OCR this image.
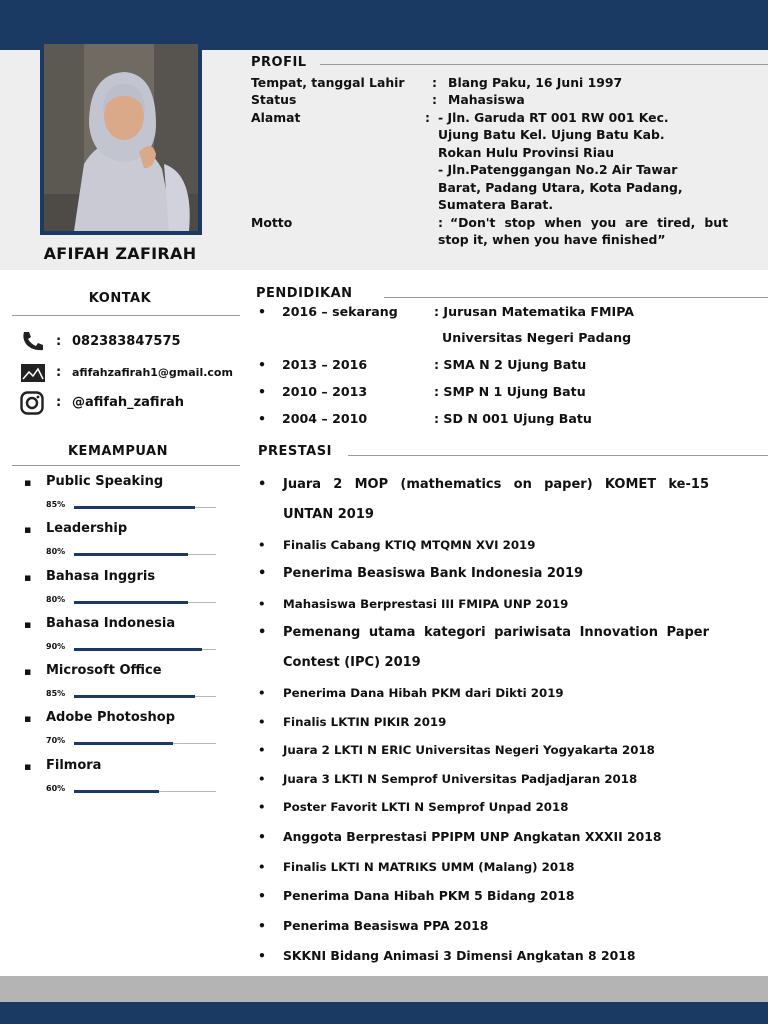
AFIFAH ZAFIRAH
PROFIL
Tempat, tanggal Lahir	: Blang Paku, 16 Juni 1997
Status	: Mahasiswa
Alamat	: - Jln. Garuda RT 001 RW 001 Kec.
Ujung Batu Kel. Ujung Batu Kab.
Rokan Hulu Provinsi Riau
- Jln.Patenggangan No.2 Air Tawar
Barat, Padang Utara, Kota Padang,
Sumatera Barat.
Motto	: “Don't stop when you are tired, but
stop it, when you have finished”
KONTAK
: 082383847575
: afifahzafirah1@gmail.com
: @afifah_zafirah
KEMAMPUAN
▪ Public Speaking
85%
▪ Leadership
80%
▪ Bahasa Inggris
80%
▪ Bahasa Indonesia
90%
▪ Microsoft Office
85%
▪ Adobe Photoshop
70%
▪ Filmora
60%
PENDIDIKAN
• 2016 – sekarang	: Jurusan Matematika FMIPA
Universitas Negeri Padang
• 2013 – 2016	: SMA N 2 Ujung Batu
• 2010 – 2013	: SMP N 1 Ujung Batu
• 2004 – 2010	: SD N 001 Ujung Batu
PRESTASI
• Juara 2 MOP (mathematics on paper) KOMET ke-15
UNTAN 2019
• Finalis Cabang KTIQ MTQMN XVI 2019
• Penerima Beasiswa Bank Indonesia 2019
• Mahasiswa Berprestasi III FMIPA UNP 2019
• Pemenang utama kategori pariwisata Innovation Paper
Contest (IPC) 2019
• Penerima Dana Hibah PKM dari Dikti 2019
• Finalis LKTIN PIKIR 2019
• Juara 2 LKTI N ERIC Universitas Negeri Yogyakarta 2018
• Juara 3 LKTI N Semprof Universitas Padjadjaran 2018
• Poster Favorit LKTI N Semprof Unpad 2018
• Anggota Berprestasi PPIPM UNP Angkatan XXXII 2018
• Finalis LKTI N MATRIKS UMM (Malang) 2018
• Penerima Dana Hibah PKM 5 Bidang 2018
• Penerima Beasiswa PPA 2018
• SKKNI Bidang Animasi 3 Dimensi Angkatan 8 2018
